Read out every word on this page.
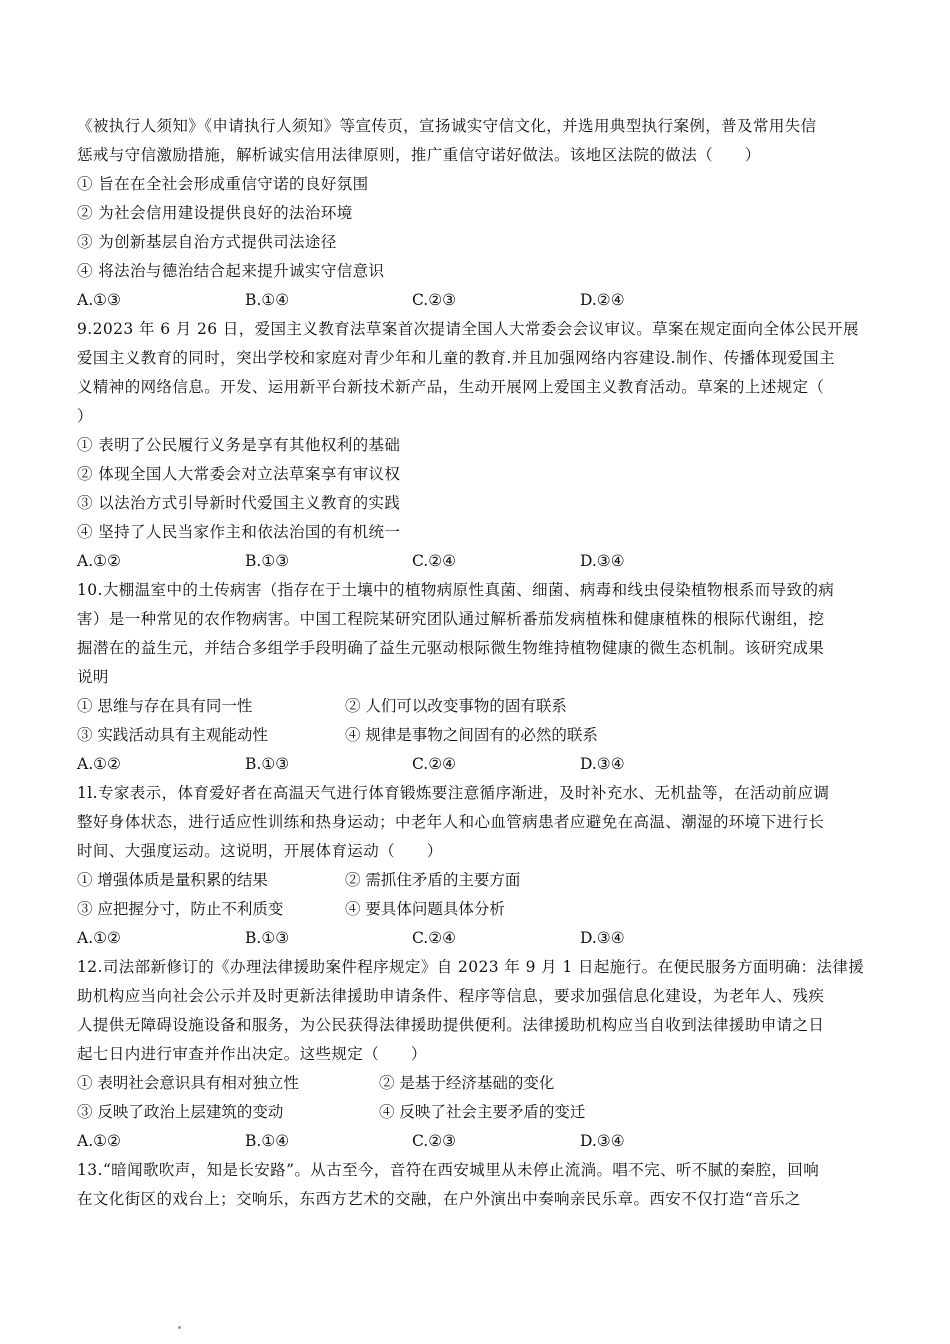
《被执行人须知》《申请执行人须知》等宣传页，宣扬诚实守信文化，并选用典型执行案例，普及常用失信
惩戒与守信激励措施，解析诚实信用法律原则，推广重信守诺好做法。该地区法院的做法（　　）
① 旨在在全社会形成重信守诺的良好氛围
② 为社会信用建设提供良好的法治环境
③ 为创新基层自治方式提供司法途径
④ 将法治与德治结合起来提升诚实守信意识
A.①③	B.①④	C.②③	D.②④
9.2023 年 6 月 26 日，爱国主义教育法草案首次提请全国人大常委会会议审议。草案在规定面向全体公民开展
爱国主义教育的同时，突出学校和家庭对青少年和儿童的教育.并且加强网络内容建设.制作、传播体现爱国主
义精神的网络信息。开发、运用新平台新技术新产品，生动开展网上爱国主义教育活动。草案的上述规定（
）
① 表明了公民履行义务是享有其他权利的基础
② 体现全国人大常委会对立法草案享有审议权
③ 以法治方式引导新时代爱国主义教育的实践
④ 坚持了人民当家作主和依法治国的有机统一
A.①②	B.①③	C.②④	D.③④
10.大棚温室中的土传病害（指存在于土壤中的植物病原性真菌、细菌、病毒和线虫侵染植物根系而导致的病
害）是一种常见的农作物病害。中国工程院某研究团队通过解析番茄发病植株和健康植株的根际代谢组，挖
掘潜在的益生元，并结合多组学手段明确了益生元驱动根际微生物维持植物健康的微生态机制。该研究成果
说明
① 思维与存在具有同一性	② 人们可以改变事物的固有联系
③ 实践活动具有主观能动性	④ 规律是事物之间固有的必然的联系
A.①②	B.①③	C.②④	D.③④
1l.专家表示，体育爱好者在高温天气进行体育锻炼要注意循序渐进，及时补充水、无机盐等，在活动前应调
整好身体状态，进行适应性训练和热身运动；中老年人和心血管病患者应避免在高温、潮湿的环境下进行长
时间、大强度运动。这说明，开展体育运动（　　）
① 增强体质是量积累的结果	② 需抓住矛盾的主要方面
③ 应把握分寸，防止不利质变	④ 要具体问题具体分析
A.①②	B.①③	C.②④	D.③④
12.司法部新修订的《办理法律援助案件程序规定》自 2023 年 9 月 1 日起施行。在便民服务方面明确：法律援
助机构应当向社会公示并及时更新法律援助申请条件、程序等信息，要求加强信息化建设，为老年人、残疾
人提供无障碍设施设备和服务，为公民获得法律援助提供便利。法律援助机构应当自收到法律援助申请之日
起七日内进行审查并作出决定。这些规定（　　）
① 表明社会意识具有相对独立性	② 是基于经济基础的变化
③ 反映了政治上层建筑的变动	④ 反映了社会主要矛盾的变迁
A.①②	B.①④	C.②③	D.③④
13.“暗闻歌吹声，知是长安路”。从古至今，音符在西安城里从未停止流淌。唱不完、听不腻的秦腔，回响
在文化街区的戏台上；交响乐，东西方艺术的交融，在户外演出中奏响亲民乐章。西安不仅打造“音乐之
